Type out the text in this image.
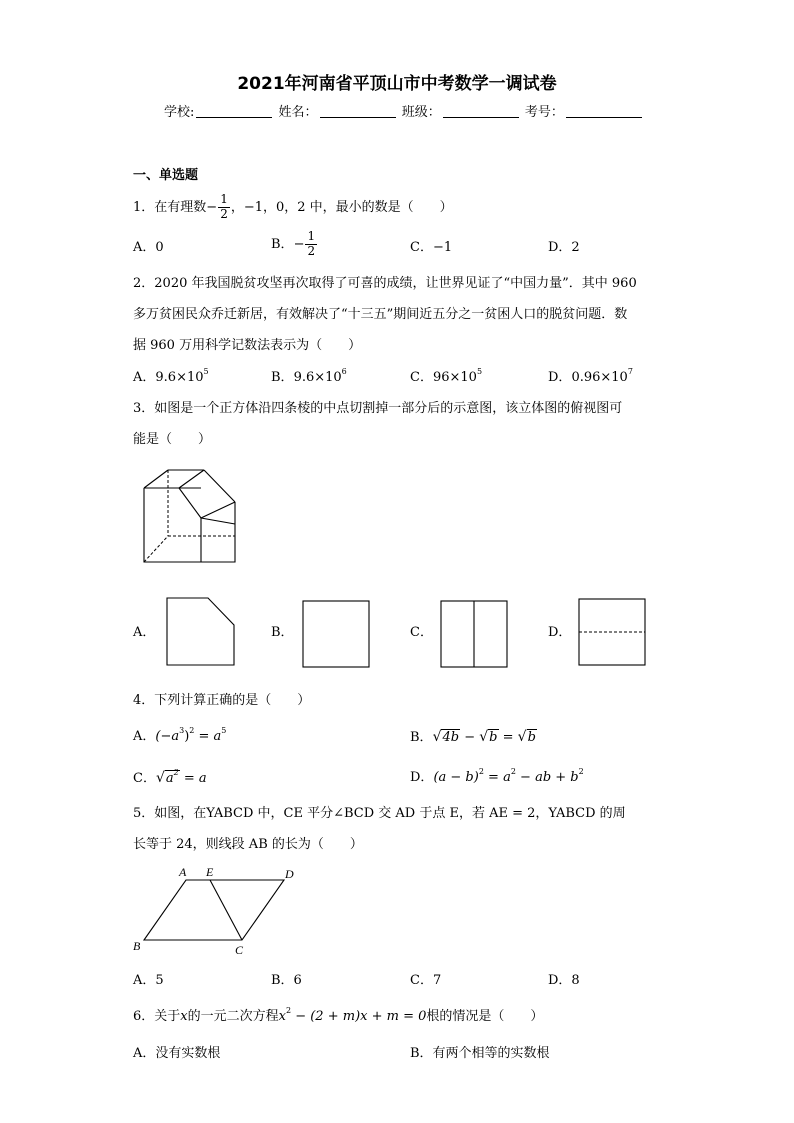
2021年河南省平顶山市中考数学一调试卷
学校:	姓名：	班级：	考号：
一、单选题
1．在有理数− $\frac{1}{2}$ ，−1，0，2 中，最小的数是（　　）
A．0	B．− $\frac{1}{2}$	C．−1	D．2
2．2020 年我国脱贫攻坚再次取得了可喜的成绩，让世界见证了“中国力量”．其中 960
多万贫困民众乔迁新居，有效解决了“十三五”期间近五分之一贫困人口的脱贫问题．数
据 960 万用科学记数法表示为（　　）
A．$9.6\times 10^5$	B．$9.6\times 10^6$	C．$96\times 10^5$	D．$0.96\times 10^7$
3．如图是一个正方体沿四条棱的中点切割掉一部分后的示意图，该立体图的俯视图可
能是（　　）
A．	B．	C．	D．
4．下列计算正确的是（　　）
A．$(-a^3)^2 = a^5$	B．√4b − √b = √b
C．$√a^2 = a$	D．$(a - b)^2 = a^2$ − ab + $b^2$
5．如图，在YABCD 中，CE 平分∠BCD 交 AD 于点 E，若 AE = 2，YABCD 的周
长等于 24，则线段 AB 的长为（　　）
A E	D
B	C
A．5	B．6	C．7	D．8
6．关于x的一元二次方程$x^2 - (2 + m)x + m = 0$根的情况是（　　）
A．没有实数根	B．有两个相等的实数根
